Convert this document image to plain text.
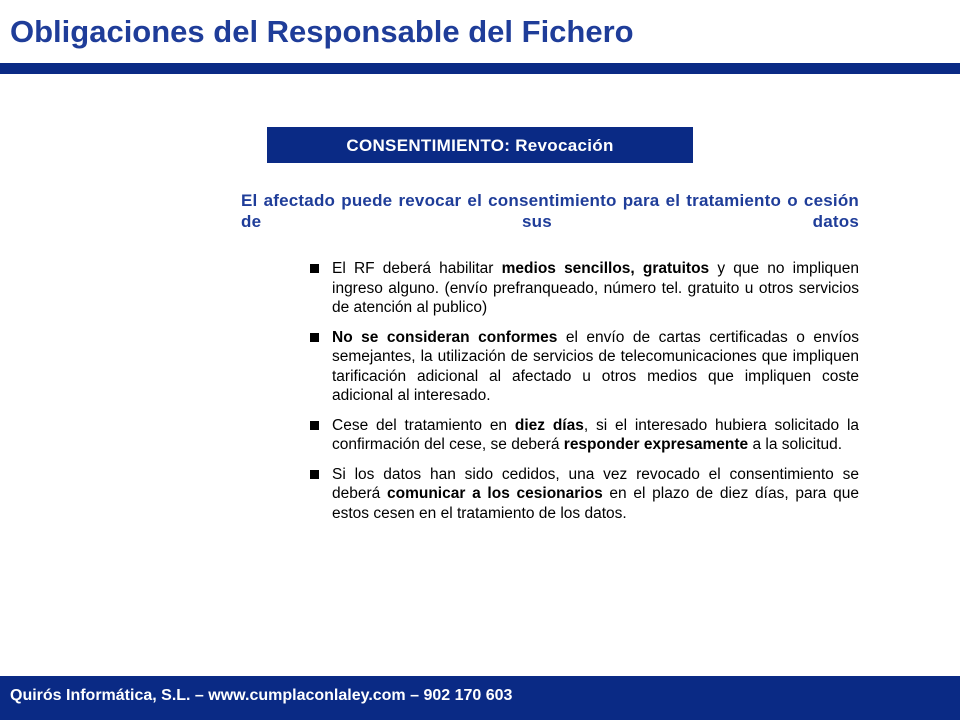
Obligaciones del Responsable del Fichero
CONSENTIMIENTO: Revocación

El afectado puede revocar el consentimiento para el tratamiento o cesión de sus datos

El RF deberá habilitar medios sencillos, gratuitos y que no impliquen ingreso alguno. (envío prefranqueado, número tel. gratuito u otros servicios de atención al publico)
No se consideran conformes el envío de cartas certificadas o envíos semejantes, la utilización de servicios de telecomunicaciones que impliquen tarificación adicional al afectado u otros medios que impliquen coste adicional al interesado.
Cese del tratamiento en diez días, si el interesado hubiera solicitado la confirmación del cese, se deberá responder expresamente a la solicitud.
Si los datos han sido cedidos, una vez revocado el consentimiento se deberá comunicar a los cesionarios en el plazo de diez días, para que estos cesen en el tratamiento de los datos.
Quirós Informática, S.L. – www.cumplaconlaley.com – 902 170 603
